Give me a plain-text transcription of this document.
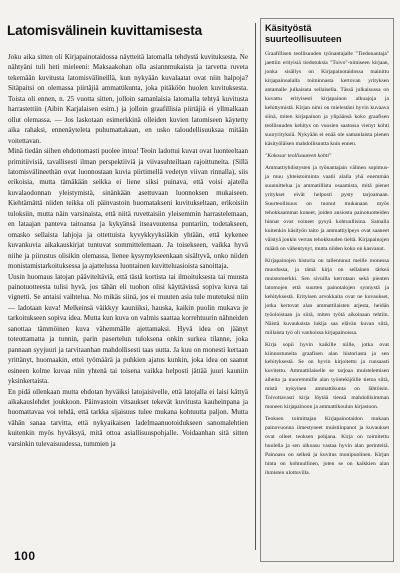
Latomisvälinein kuvittamisesta

Joku aika sitten oli Kirjapainotaidossa näytteitä latomalla tehdystä kuvituksesta. Ne nähtyäni tuli heti mieleeni: Maksaakohan olla asiannmukaista ja tarvetta ruveta tekemään kuvitusta latomisvälineillä, kun nykyään kuvalaatat ovat niin halpoja? Sitäpaitsi on olemassa piirtäjiä ammattikunta, joka pitäköön huolen kuvituksesta. Toista oli ennen, n. 25 vuotta sitten, jolloin samanlaisia latomalla tehtyä kuvitusta harrastettiin (Aibin Karjalaisen esim.) ja jolloin graafillisia piirtäjiä ei yllmalkaan ollut olemassa. — Jos laskotaan esimerkkinä olleiden kuvien latomiseen käytetty aika rahaksi, ennenäyteleta puhumattakaan, en usko taloudellisuuksaa mitään voitettavan.

Minä tiedän siihen ehdottomasti puolee intoa! Teoin ladottui kuvat ovat luonteeltaan primitiivisiä, tavallisesti ilman perspektiiviä ja viivasuhteiltaan rajoittuneita. (Sillä latomisvälineethän ovat luonnostaan kuvia piirtimellä vedetyn viivan rinnalla), siis erikoisia, mutta tämäkään seikka ei liene siksi puinava, että voisi ajatella kuvalaodonnan yleistymistä, sinänkään asettuvaan luonnoksen mukaiseen. Kiehtämättä niiden teikka oli päinvastoin huomatakseni kuvitukseltaan, erikoisiin tuloksiin, mutta näin varsinaista, että niitä ruvettaisiin yleisemmin harrastelemaan, en lataajan panteva taitoansa ja kykyänsä itseavuutensa puntariin, todetakseen, omasko sellaista lahjoja ja ottettuista kyvykkyyksiäkin yhtään, että kykenee kuvankuvia aikakauskirjat tuntuvat sommittelemaan. Ja toisekseen, vaikka hyvä niihe ja piirustus olisikin olemassa, lienee kysymykseenkaan sisältyvä, onko niiden monistamistarkoituksessa ja ajattelussa luontainen kuvitteluasioista sanoittaja.

Uusin huomaus latojan pääviteltäviä, että tästä kortista tai ilmoituksesta tai muusta painotuotteesta tulisi hyvä, jos tähän eli tuohon olisi käyttävissä sopiva kuva tai vignetti. Se antaisi vaihtelua. No mikäs siinä, jos ei muuten asia tule mutetuksi niin — ladotaan kuva! Melkeinsä väikkyy kauniiksi, hauska, kaikin puolin mukava je tarkoitukseen sopiva idea. Mutta kun kuva on valmis saattaa korrehtuurin nähneiden sanottaa tämmöinen kuva vähemmälle ajettamaksi. Hyvä idea on jäänyt toteuttamatta ja tunnin, parin pasertelun tuloksena onkin surkea tilanne, joka pannaan syyjuuri ja tarvitaanhan mahdollisesti taas uutta. Ja kuu on monesti kertaan yrittänyt, huomaakin, ettei työmäärä ja puhkien ajatus kunkin, joka idea on saanut esineen kolme kuvaa niin yhtenä tai toisena vaikka helposti jättää juuri kauniin yksinkertaista.

En pidä ollenkaan mutta ehdotan hyväiksi latojaisivelle, että latojalla ei laisi kättyä aikakauslehdet joukkoon. Päinvastoin vitsaukset tekevät kuvitusta kauheinpana ja huomattavaa voi tehdä, että tarkka sijaisuus tulee mukana kohtuutta paljon. Mutta vähän sanaa tarvitta, että nykyaikaisen ladelmaanuotoidukseen sanomalehtien kuitenkin myös hyväksyä, mitä ottoa asiallisuuspohjalle. Voidaanhan sitä sitten varsinkin tulevaisuudessa, tummien ja

100
Käsityöstä suurteollisuuteen

Graafillisen teollisuuden työnantajalle "Tiedonantaja" jaettiin erityisiä tiedotuksia "Toivo"-nimiseen kirjaan, jonka sisällys on Kirjapainotaidossa mainittu kirjapainoalalla toiminnasta kertovan yrityksen antamalle julkaisuta sellaisella. Tässä julkaisussa on kuvattu erityisesti kirjapainon alkuajoja ja kehittymistä. Kirjan nimi on mielestäni hyvin kuvaava siinä, miten kirjapainon ja ylipäänsä koko graafisen teollisuuden kehitys on vuosien saatossa vienyt kohti suuryrityksiä. Nykyään ei enää ole samanlaista pienen käsityöläisen mahdollisuutta kuin ennen.

"Kokosar teollisuuteen kohti"

Ammattiyhdistysten ja työnantajain välinen sopimus- ja muu yhteistoiminta vaatii alalla yhä enemmän suunnittelua ja ammatillista osaamista, mitä pienet yritykset eivät helposti pysty tarjoamaan. Suurteollisuus on tuonut mukanaan myös tehokkaammat koneet, joiden ansiosta painotuotteiden hinnat ovat voineet pysyä kohtuullisina. Samalla kuitenkin käsityön taito ja ammattiylpeys ovat saaneet väistyä jonkin verran tehokkuuden tieltä. Kirjapainojen määrä on vähentynyt, mutta niiden koko on kasvanut.

Kirjapainojen historia on tallentunut meille monessa muodossa, ja tämä kirja on sellainen tärkeä muistomerkki. Sen sivuilla kerrotaan sekä pienten latomojen että suurten painotalojen synnystä ja kehityksestä. Erityisen arvokkaita ovat ne kuvaukset, jotka kertovat alan ammattilaisten arjesta, heidän työoloistaan ja siitä, miten työtä aikoinaan tehtiin. Näistä kuvauksista lukija saa elävän kuvan siitä, millaista työ oli vanhoissa kirjapainoissa.

Kirja sopii hyvin kaikille niille, jotka ovat kiinnostuneita graafisen alan historiasta ja sen kehityksestä. Se on hyvin kirjoitettu ja runsaasti kuvitettu. Ammattilaiselle se tarjoaa muistelemisen aiheita ja nuoremmille alan työntekijöille tietoa siitä, mistä nykyinen ammattikunta on lähtöisin. Toivottavasti kirja löytää tiensä mahdollisimman moneen kirjapainoon ja ammattikoulun kirjastoon.

Teoksen toimittajan Kirjapainotaidon mukaan painovuonna ilmestyneet muistiinpanot ja kuvaukset ovat olleet teoksen pohjana. Kirja on toimitettu huolella ja sen ulkoasu vastaa hyvin alan perinteitä. Painoasu on selkeä ja kuvitus monipuolinen. Kirjan hinta on kohtuullinen, joten se on kaikkien alan ihmisten ulottuvilla.
